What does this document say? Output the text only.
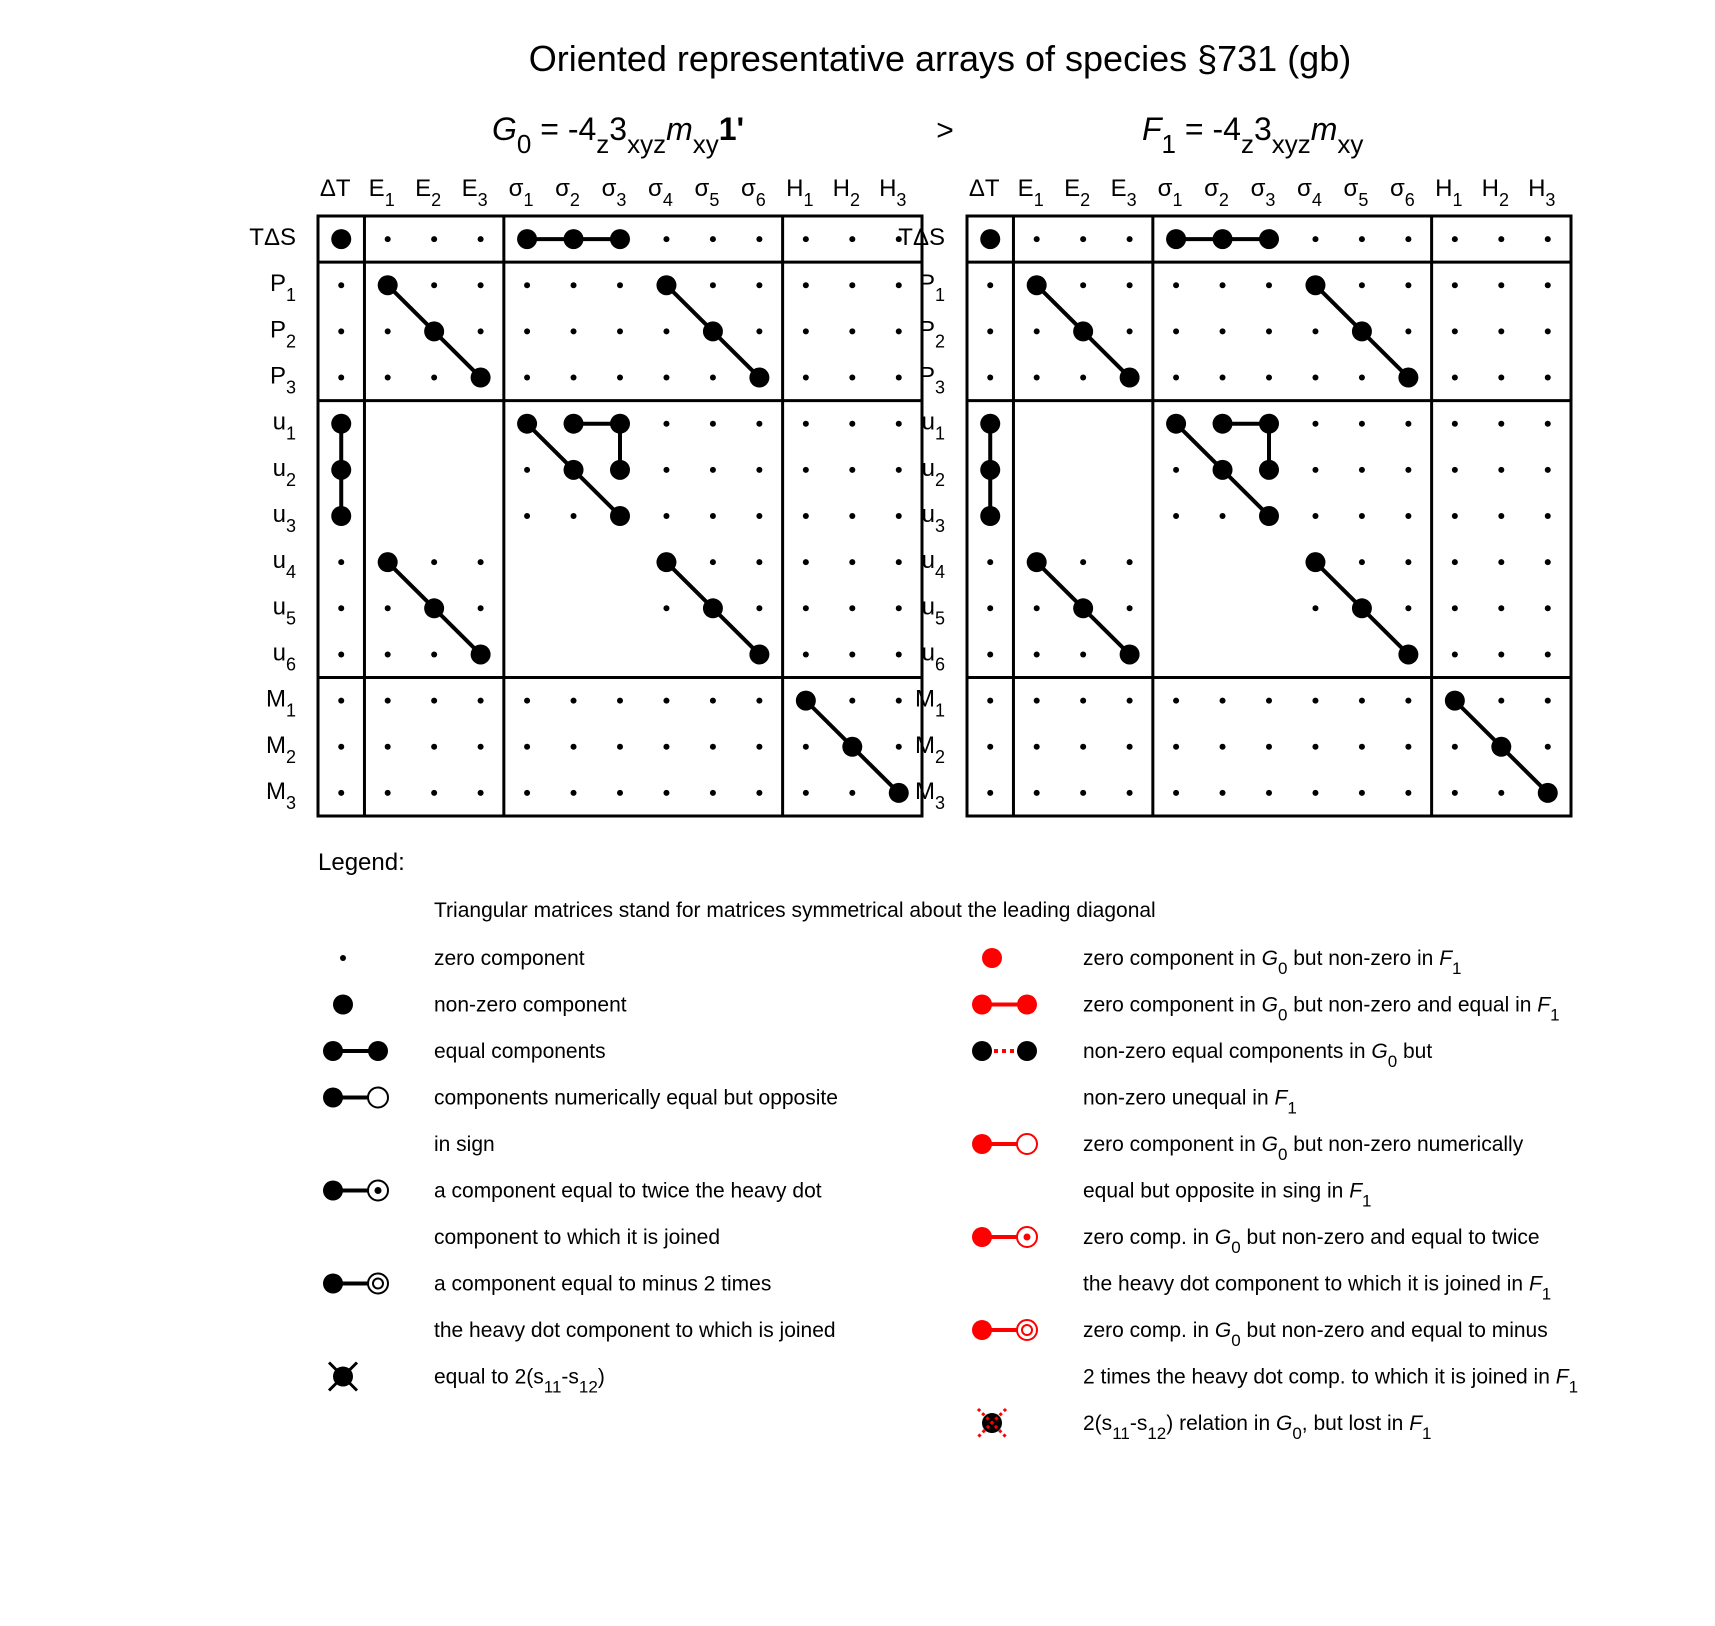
Oriented representative arrays of species §731 (gb)
>
$G_0 = -4_z3_{xyz}m_{xy}1'$	$F_1 = -4_z3_{xyz}m_{xy}$
ΔT $E_1$ $E_2$ $E_3$ $\sigma_1$ $\sigma_2$ $\sigma_3$ $\sigma_4$ $\sigma_5$ $\sigma_6$ $H_1$ $H_2$ $H_3$
TΔS
$P_1$
$P_2$
$P_3$
$u_1$
$u_2$
$u_3$
$u_4$
$u_5$
$u_6$
$M_1$
$M_2$
$M_3$
ΔT $E_1$ $E_2$ $E_3$ $\sigma_1$ $\sigma_2$ $\sigma_3$ $\sigma_4$ $\sigma_5$ $\sigma_6$ $H_1$ $H_2$ $H_3$
TΔS
$P_1$
$P_2$
$P_3$
$u_1$
$u_2$
$u_3$
$u_4$
$u_5$
$u_6$
$M_1$
$M_2$
$M_3$
Legend:
Triangular matrices stand for matrices symmetrical about the leading diagonal
zero component
non-zero component
equal components
components numerically equal but opposite
in sign
a component equal to twice the heavy dot
component to which it is joined
a component equal to minus 2 times
the heavy dot component to which is joined
equal to $2(s_{11}-s_{12})$
zero component in $G_0$ but non-zero in $F_1$
zero component in $G_0$ but non-zero and equal in $F_1$
non-zero equal components in $G_0$ but
non-zero unequal in $F_1$
zero component in $G_0$ but non-zero numerically
equal but opposite in sing in $F_1$
zero comp. in $G_0$ but non-zero and equal to twice
the heavy dot component to which it is joined in $F_1$
zero comp. in $G_0$ but non-zero and equal to minus
2 times the heavy dot comp. to which it is joined in $F_1$
$2(s_{11}-s_{12})$ relation in $G_0$, but lost in $F_1$
